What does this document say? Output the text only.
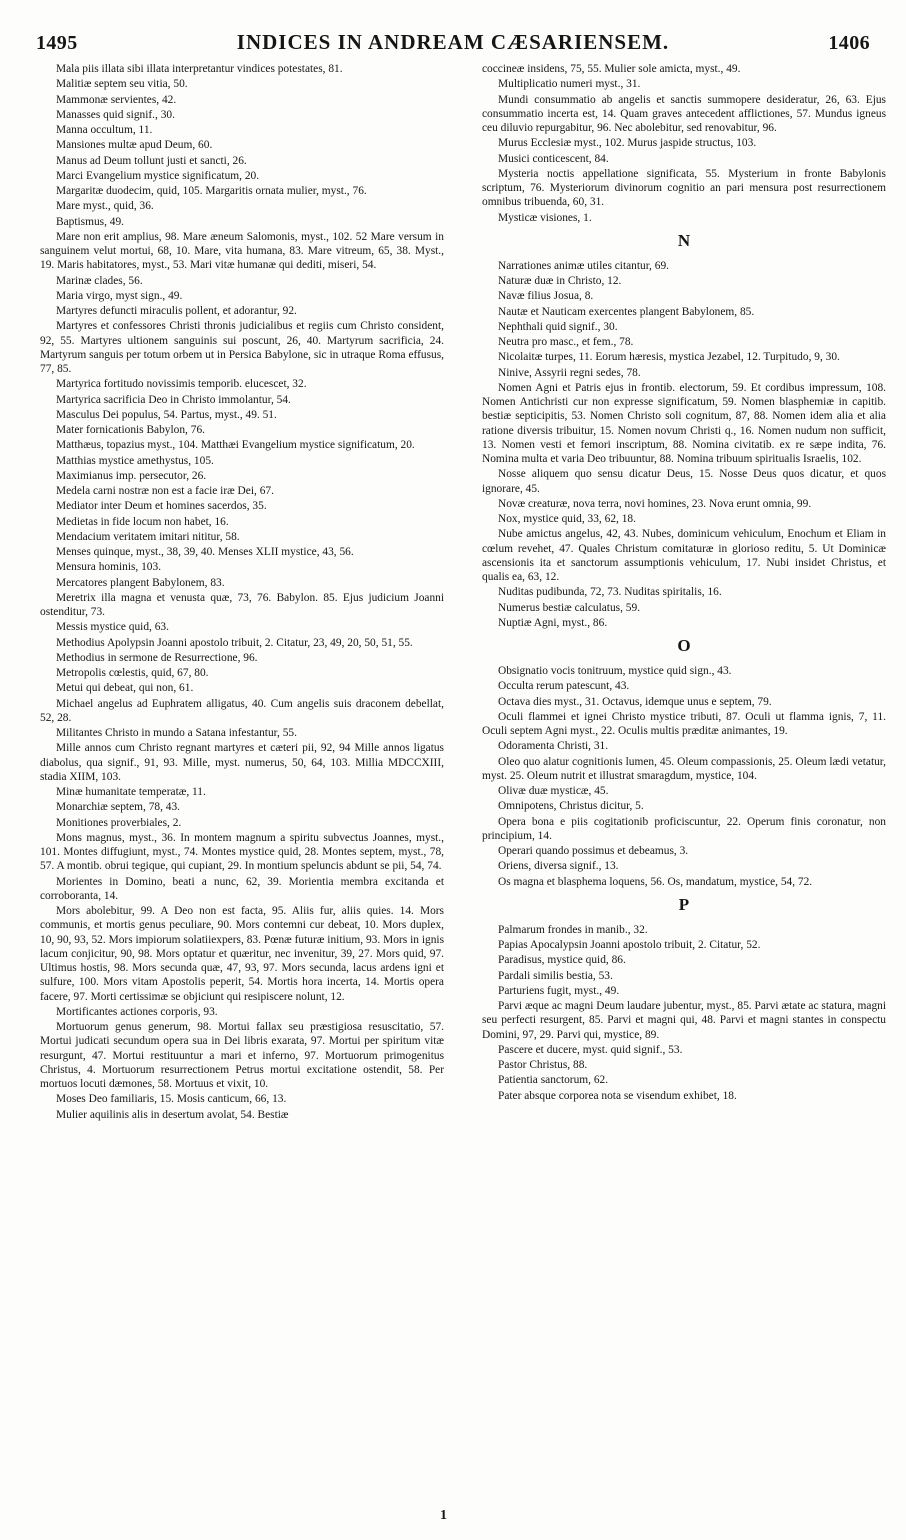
1495	INDICES IN ANDREAM CÆSARIENSEM.	1406
Mala piis illata sibi illata interpretantur vindices potestates, 81.
Malitiæ septem seu vitia, 50.
Mammonæ servientes, 42.
Manasses quid signif., 30.
Manna occultum, 11.
Mansiones multæ apud Deum, 60.
Manus ad Deum tollunt justi et sancti, 26.
Marci Evangelium mystice significatum, 20.
Margaritæ duodecim, quid, 105. Margaritis ornata mulier, myst., 76.
Mare myst., quid, 36.
Baptismus, 49.
Mare non erit amplius, 98. Mare æneum Salomonis, myst., 102. 52 Mare versum in sanguinem velut mortui, 68, 10. Mare, vita humana, 83. Mare vitreum, 65, 38. Myst., 19. Maris habitatores, myst., 53. Mari vitæ humanæ qui dediti, miseri, 54.
Marinæ clades, 56.
Maria virgo, myst sign., 49.
Martyres defuncti miraculis pollent, et adorantur, 92.
Martyres et confessores Christi thronis judicialibus et regiis cum Christo consident, 92, 55. Martyres ultionem sanguinis sui poscunt, 26, 40. Martyrum sacrificia, 24. Martyrum sanguis per totum orbem ut in Persica Babylone, sic in utraque Roma effusus, 77, 85.
Martyrica fortitudo novissimis temporib. elucescet, 32.
Martyrica sacrificia Deo in Christo immolantur, 54.
Masculus Dei populus, 54. Partus, myst., 49. 51.
Mater fornicationis Babylon, 76.
Matthæus, topazius myst., 104. Matthæi Evangelium mystice significatum, 20.
Matthias mystice amethystus, 105.
Maximianus imp. persecutor, 26.
Medela carni nostræ non est a facie iræ Dei, 67.
Mediator inter Deum et homines sacerdos, 35.
Medietas in fide locum non habet, 16.
Mendacium veritatem imitari nititur, 58.
Menses quinque, myst., 38, 39, 40. Menses XLII mystice, 43, 56.
Mensura hominis, 103.
Mercatores plangent Babylonem, 83.
Meretrix illa magna et venusta quæ, 73, 76. Babylon. 85. Ejus judicium Joanni ostenditur, 73.
Messis mystice quid, 63.
Methodius Apolypsin Joanni apostolo tribuit, 2. Citatur, 23, 49, 20, 50, 51, 55.
Methodius in sermone de Resurrectione, 96.
Metropolis cœlestis, quid, 67, 80.
Metui qui debeat, qui non, 61.
Michael angelus ad Euphratem alligatus, 40. Cum angelis suis draconem debellat, 52, 28.
Militantes Christo in mundo a Satana infestantur, 55.
Mille annos cum Christo regnant martyres et cæteri pii, 92, 94 Mille annos ligatus diabolus, qua signif., 91, 93. Mille, myst. numerus, 50, 64, 103. Millia MDCCXIII, stadia XIIM, 103.
Minæ humanitate temperatæ, 11.
Monarchiæ septem, 78, 43.
Monitiones proverbiales, 2.
Mons magnus, myst., 36. In montem magnum a spiritu subvectus Joannes, myst., 101. Montes diffugiunt, myst., 74. Montes mystice quid, 28. Montes septem, myst., 78, 57. A montib. obrui tegique, qui cupiant, 29. In montium speluncis abdunt se pii, 54, 74.
Morientes in Domino, beati a nunc, 62, 39. Morientia membra excitanda et corroboranta, 14.
Mors abolebitur, 99. A Deo non est facta, 95. Aliis fur, aliis quies. 14. Mors communis, et mortis genus peculiare, 90. Mors contemni cur debeat, 10. Mors duplex, 10, 90, 93, 52. Mors impiorum solatiiexpers, 83. Pœnæ futuræ initium, 93. Mors in ignis lacum conjicitur, 90, 98. Mors optatur et quæritur, nec invenitur, 39, 27. Mors quid, 97. Ultimus hostis, 98. Mors secunda quæ, 47, 93, 97. Mors secunda, lacus ardens igni et sulfure, 100. Mors vitam Apostolis peperit, 54. Mortis hora incerta, 14. Mortis opera facere, 97. Morti certissimæ se objiciunt qui resipiscere nolunt, 12.
Mortificantes actiones corporis, 93.
Mortuorum genus generum, 98. Mortui fallax seu præstigiosa resuscitatio, 57. Mortui judicati secundum opera sua in Dei libris exarata, 97. Mortui per spiritum vitæ resurgunt, 47. Mortui restituuntur a mari et inferno, 97. Mortuorum primogenitus Christus, 4. Mortuorum resurrectionem Petrus mortui excitatione ostendit, 58. Per mortuos locuti dæmones, 58. Mortuus et vixit, 10.
Moses Deo familiaris, 15. Mosis canticum, 66, 13.
Mulier aquilinis alis in desertum avolat, 54. Bestiæ
coccineæ insidens, 75, 55. Mulier sole amicta, myst., 49.
Multiplicatio numeri myst., 31.
Mundi consummatio ab angelis et sanctis summopere desideratur, 26, 63. Ejus consummatio incerta est, 14. Quam graves antecedent afflictiones, 57. Mundus igneus ceu diluvio repurgabitur, 96. Nec abolebitur, sed renovabitur, 96.
Murus Ecclesiæ myst., 102. Murus jaspide structus, 103.
Musici conticescent, 84.
Mysteria noctis appellatione significata, 55. Mysterium in fronte Babylonis scriptum, 76. Mysteriorum divinorum cognitio an pari mensura post resurrectionem omnibus tribuenda, 60, 31.
Mysticæ visiones, 1.
N
Narrationes animæ utiles citantur, 69.
Naturæ duæ in Christo, 12.
Navæ filius Josua, 8.
Nautæ et Nauticam exercentes plangent Babylonem, 85.
Nephthali quid signif., 30.
Neutra pro masc., et fem., 78.
Nicolaitæ turpes, 11. Eorum hæresis, mystica Jezabel, 12. Turpitudo, 9, 30.
Ninive, Assyrii regni sedes, 78.
Nomen Agni et Patris ejus in frontib. electorum, 59. Et cordibus impressum, 108. Nomen Antichristi cur non expresse significatum, 59. Nomen blasphemiæ in capitib. bestiæ septicipitis, 53. Nomen Christo soli cognitum, 87, 88. Nomen idem alia et alia ratione diversis tribuitur, 15. Nomen novum Christi q., 16. Nomen nudum non sufficit, 13. Nomen vesti et femori inscriptum, 88. Nomina civitatib. ex re sæpe indita, 76. Nomina multa et varia Deo tribuuntur, 88. Nomina tribuum spiritualis Israelis, 102.
Nosse aliquem quo sensu dicatur Deus, 15. Nosse Deus quos dicatur, et quos ignorare, 45.
Novæ creaturæ, nova terra, novi homines, 23. Nova erunt omnia, 99.
Nox, mystice quid, 33, 62, 18.
Nube amictus angelus, 42, 43. Nubes, dominicum vehiculum, Enochum et Eliam in cœlum revehet, 47. Quales Christum comitaturæ in glorioso reditu, 5. Ut Dominicæ ascensionis ita et sanctorum assumptionis vehiculum, 17. Nubi insidet Christus, et qualis ea, 63, 12.
Nuditas pudibunda, 72, 73. Nuditas spiritalis, 16.
Numerus bestiæ calculatus, 59.
Nuptiæ Agni, myst., 86.
O
Obsignatio vocis tonitruum, mystice quid sign., 43.
Occulta rerum patescunt, 43.
Octava dies myst., 31. Octavus, idemque unus e septem, 79.
Oculi flammei et ignei Christo mystice tributi, 87. Oculi ut flamma ignis, 7, 11. Oculi septem Agni myst., 22. Oculis multis præditæ animantes, 19.
Odoramenta Christi, 31.
Oleo quo alatur cognitionis lumen, 45. Oleum compassionis, 25. Oleum lædi vetatur, myst. 25. Oleum nutrit et illustrat smaragdum, mystice, 104.
Olivæ duæ mysticæ, 45.
Omnipotens, Christus dicitur, 5.
Opera bona e piis cogitationib proficiscuntur, 22. Operum finis coronatur, non principium, 14.
Operari quando possimus et debeamus, 3.
Oriens, diversa signif., 13.
Os magna et blasphema loquens, 56. Os, mandatum, mystice, 54, 72.
P
Palmarum frondes in manib., 32.
Papias Apocalypsin Joanni apostolo tribuit, 2. Citatur, 52.
Paradisus, mystice quid, 86.
Pardali similis bestia, 53.
Parturiens fugit, myst., 49.
Parvi æque ac magni Deum laudare jubentur, myst., 85. Parvi ætate ac statura, magni seu perfecti resurgent, 85. Parvi et magni qui, 48. Parvi et magni stantes in conspectu Domini, 97, 29. Parvi qui, mystice, 89.
Pascere et ducere, myst. quid signif., 53.
Pastor Christus, 88.
Patientia sanctorum, 62.
Pater absque corporea nota se visendum exhibet, 18.
1
